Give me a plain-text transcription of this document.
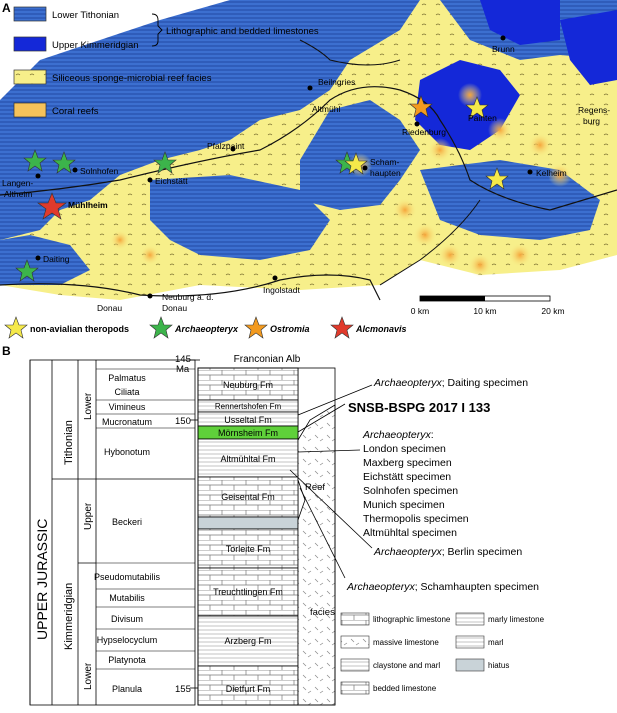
A
Lower Tithonian
Upper Kimmeridgian
Siliceous sponge-microbial reef facies
Coral reefs
Lithographic and bedded limestones
Brunn
Beilngries
Altmühl
Painten
Regens-
burg
Riedenburg
Pfalzpaint
Scham-
haupten
Solnhofen
Eichstätt
Kelheim
Langen-
Altheim
Mühlheim
Daiting
Ingolstadt
Neuburg a. d.
Donau
Donau	0 km	10 km	20 km
non-avialian theropods	Archaeopteryx	Ostromia	Alcmonavis
B
UPPER JURASSIC
Tithonian
Kimmeridgian
Lower
Upper
Lower
Palmatus
Ciliata
Vimineus
Mucronatum
Hybonotum
Beckeri
Pseudomutabilis
Mutabilis
Divisum
Hypselocyclum
Platynota
Planula
145
Ma
150
155
Franconian Alb
Neuburg Fm
Rennertshofen Fm
Usseltal Fm
Mörnsheim Fm
Altmühltal Fm
Geisental Fm
Torleite Fm
Treuchtlingen Fm
Arzberg Fm
Dietfurt Fm
Reef
facies
Archaeopteryx; Daiting specimen
SNSB-BSPG 2017 I 133
Archaeopteryx:
London specimen
Maxberg specimen
Eichstätt specimen
Solnhofen specimen
Munich specimen
Thermopolis specimen
Altmühltal specimen
Archaeopteryx; Berlin specimen
Archaeopteryx; Schamhaupten specimen
lithographic limestone	marly limestone
massive limestone	marl
claystone and marl	hiatus
bedded limestone
